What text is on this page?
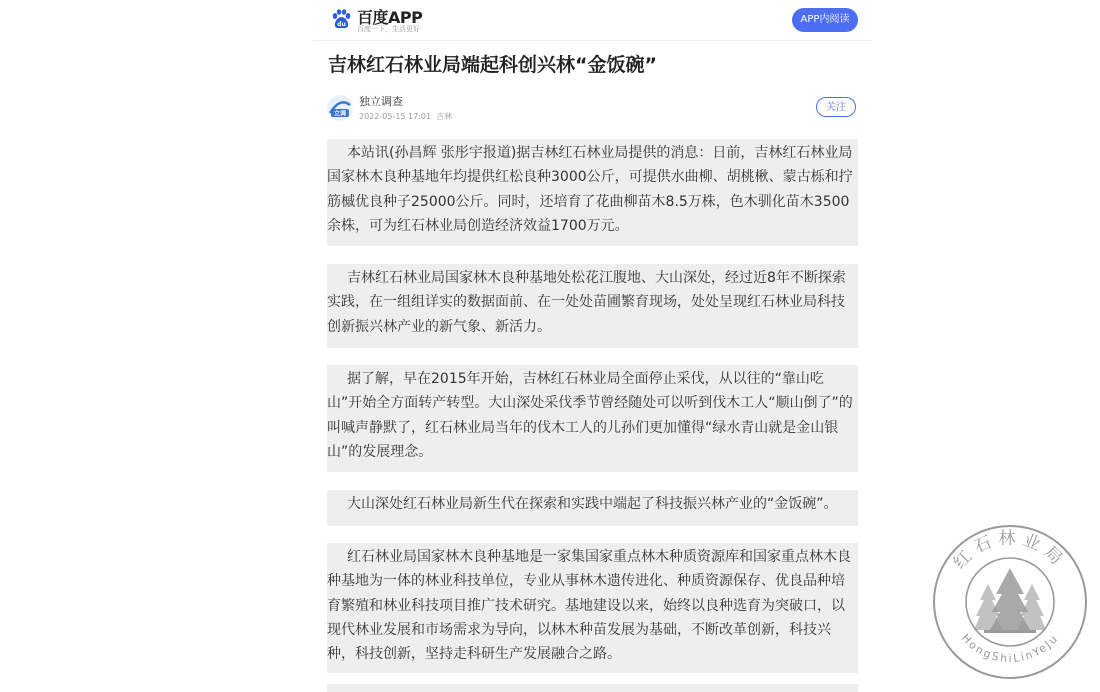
du 百度APP
百度一下，生活更好
APP内阅读
吉林红石林业局端起科创兴林“金饭碗”
立调
独立调查
2022-05-15 17:01 吉林
关注
本站讯(孙昌辉 张彤宇报道)据吉林红石林业局提供的消息：日前，吉林红石林业局国家林木良种基地年均提供红松良种3000公斤，可提供水曲柳、胡桃楸、蒙古栎和拧筋槭优良种子25000公斤。同时，还培育了花曲柳苗木8.5万株，色木驯化苗木3500余株，可为红石林业局创造经济效益1700万元。
吉林红石林业局国家林木良种基地处松花江腹地、大山深处，经过近8年不断探索实践，在一组组详实的数据面前、在一处处苗圃繁育现场，处处呈现红石林业局科技创新振兴林产业的新气象、新活力。
据了解，早在2015年开始，吉林红石林业局全面停止采伐，从以往的“靠山吃山”开始全方面转产转型。大山深处采伐季节曾经随处可以听到伐木工人“顺山倒了”的叫喊声静默了，红石林业局当年的伐木工人的儿孙们更加懂得“绿水青山就是金山银山”的发展理念。
大山深处红石林业局新生代在探索和实践中端起了科技振兴林产业的“金饭碗”。
红石林业局国家林木良种基地是一家集国家重点林木种质资源库和国家重点林木良种基地为一体的林业科技单位，专业从事林木遗传进化、种质资源保存、优良品种培育繁殖和林业科技项目推广技术研究。基地建设以来，始终以良种选育为突破口，以现代林业发展和市场需求为导向，以林木种苗发展为基础，不断改革创新，科技兴种，科技创新，坚持走科研生产发展融合之路。
红石林业局
HongShiLinYeJu
